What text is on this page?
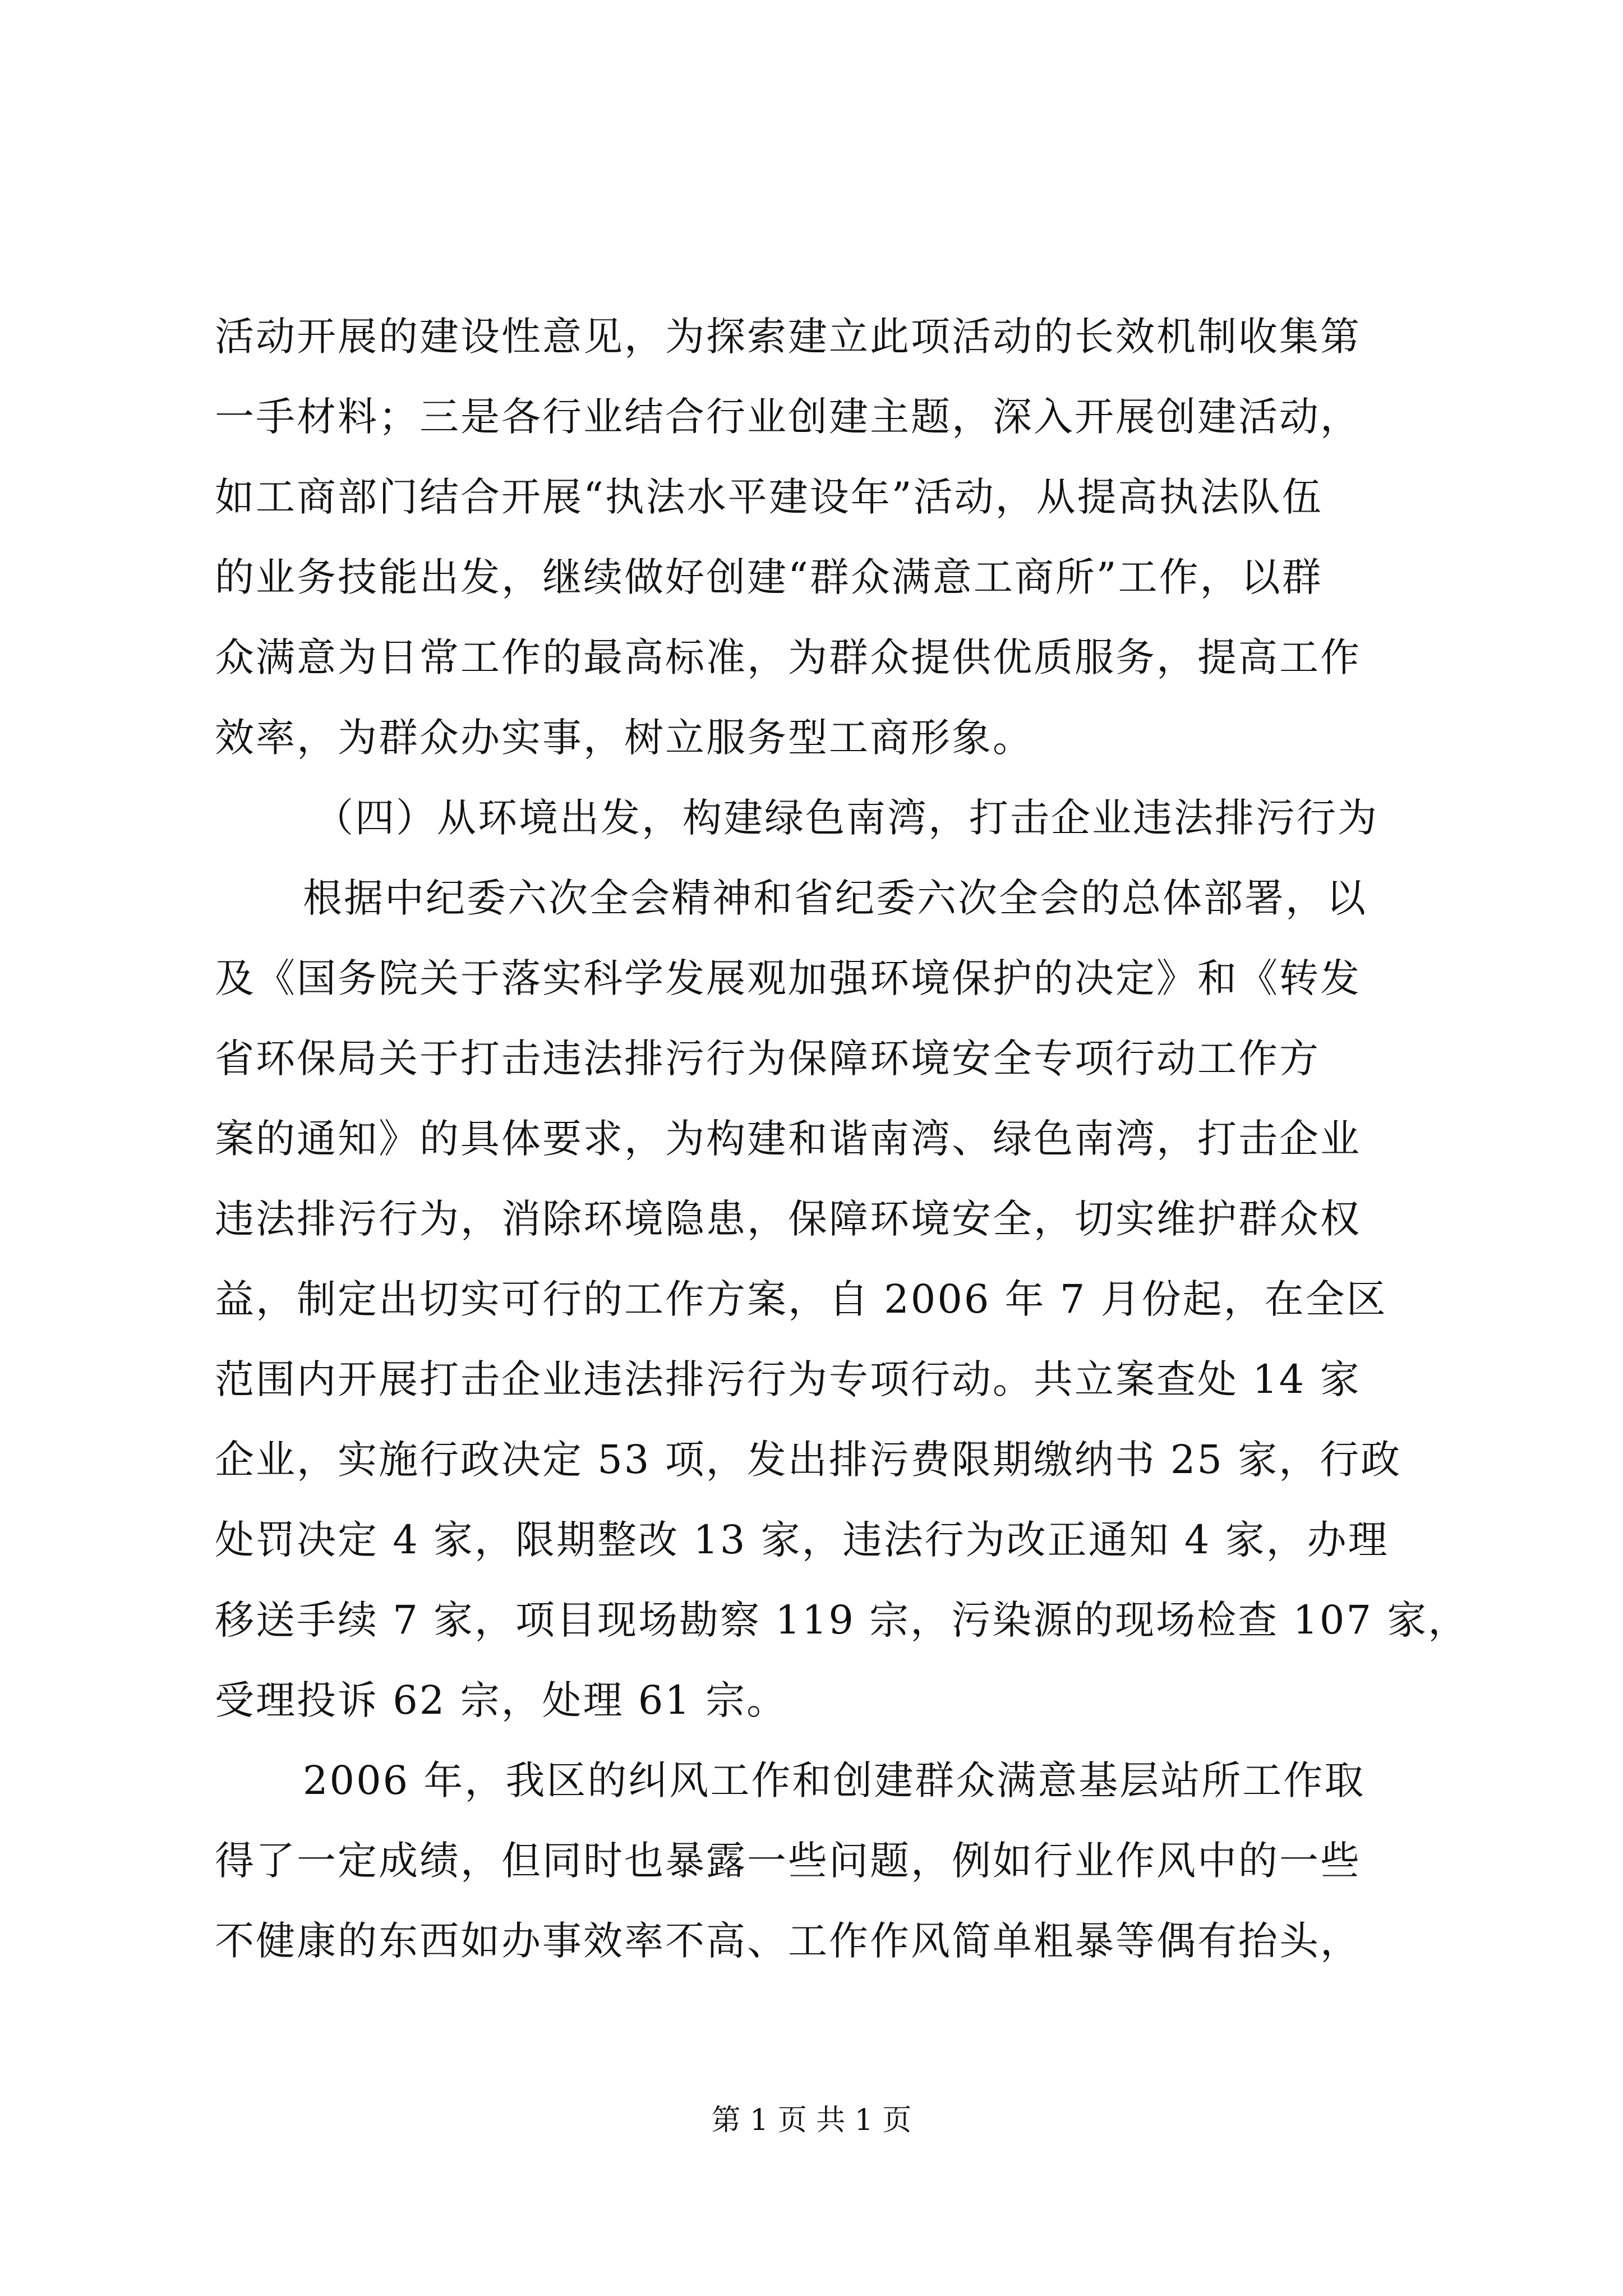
活动开展的建设性意见，为探索建立此项活动的长效机制收集第
一手材料；三是各行业结合行业创建主题，深入开展创建活动，
如工商部门结合开展“执法水平建设年”活动，从提高执法队伍
的业务技能出发，继续做好创建“群众满意工商所”工作，以群
众满意为日常工作的最高标准，为群众提供优质服务，提高工作
效率，为群众办实事，树立服务型工商形象。
（四）从环境出发，构建绿色南湾，打击企业违法排污行为
根据中纪委六次全会精神和省纪委六次全会的总体部署，以
及《国务院关于落实科学发展观加强环境保护的决定》和《转发
省环保局关于打击违法排污行为保障环境安全专项行动工作方
案的通知》的具体要求，为构建和谐南湾、绿色南湾，打击企业
违法排污行为，消除环境隐患，保障环境安全，切实维护群众权
益，制定出切实可行的工作方案，自 2006 年 7 月份起，在全区
范围内开展打击企业违法排污行为专项行动。共立案查处 14 家
企业，实施行政决定 53 项，发出排污费限期缴纳书 25 家，行政
处罚决定 4 家，限期整改 13 家，违法行为改正通知 4 家，办理
移送手续 7 家，项目现场勘察 119 宗，污染源的现场检查 107 家，
受理投诉 62 宗，处理 61 宗。
2006 年，我区的纠风工作和创建群众满意基层站所工作取
得了一定成绩，但同时也暴露一些问题，例如行业作风中的一些
不健康的东西如办事效率不高、工作作风简单粗暴等偶有抬头，
第 1 页 共 1 页
